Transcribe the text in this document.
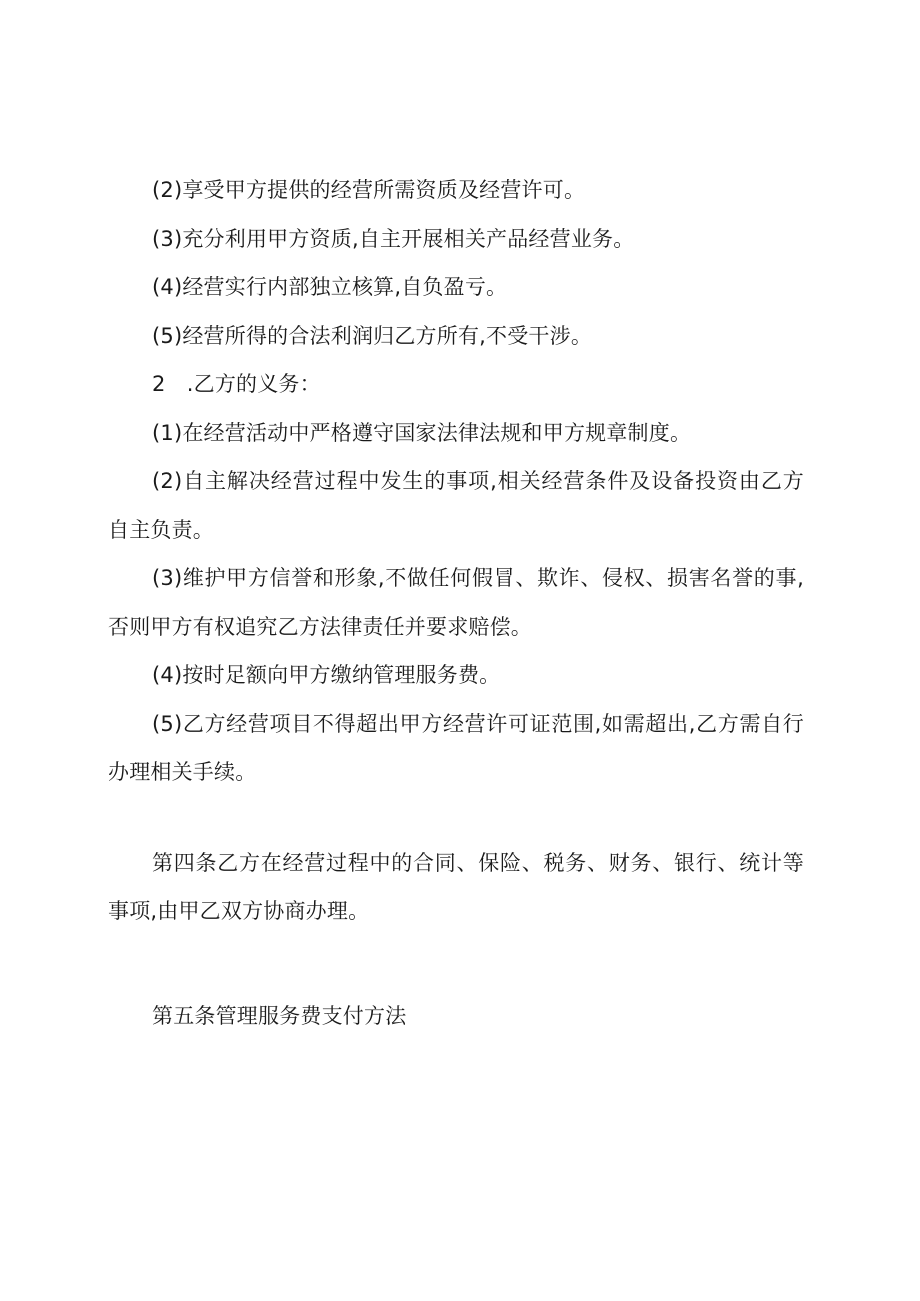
(2)享受甲方提供的经营所需资质及经营许可。

(3)充分利用甲方资质,自主开展相关产品经营业务。

(4)经营实行内部独立核算,自负盈亏。

(5)经营所得的合法利润归乙方所有,不受干涉。

2　.乙方的义务：

(1)在经营活动中严格遵守国家法律法规和甲方规章制度。

(2)自主解决经营过程中发生的事项,相关经营条件及设备投资由乙方自主负责。

(3)维护甲方信誉和形象,不做任何假冒、欺诈、侵权、损害名誉的事,否则甲方有权追究乙方法律责任并要求赔偿。

(4)按时足额向甲方缴纳管理服务费。

(5)乙方经营项目不得超出甲方经营许可证范围,如需超出,乙方需自行办理相关手续。

第四条乙方在经营过程中的合同、保险、税务、财务、银行、统计等事项,由甲乙双方协商办理。

第五条管理服务费支付方法
